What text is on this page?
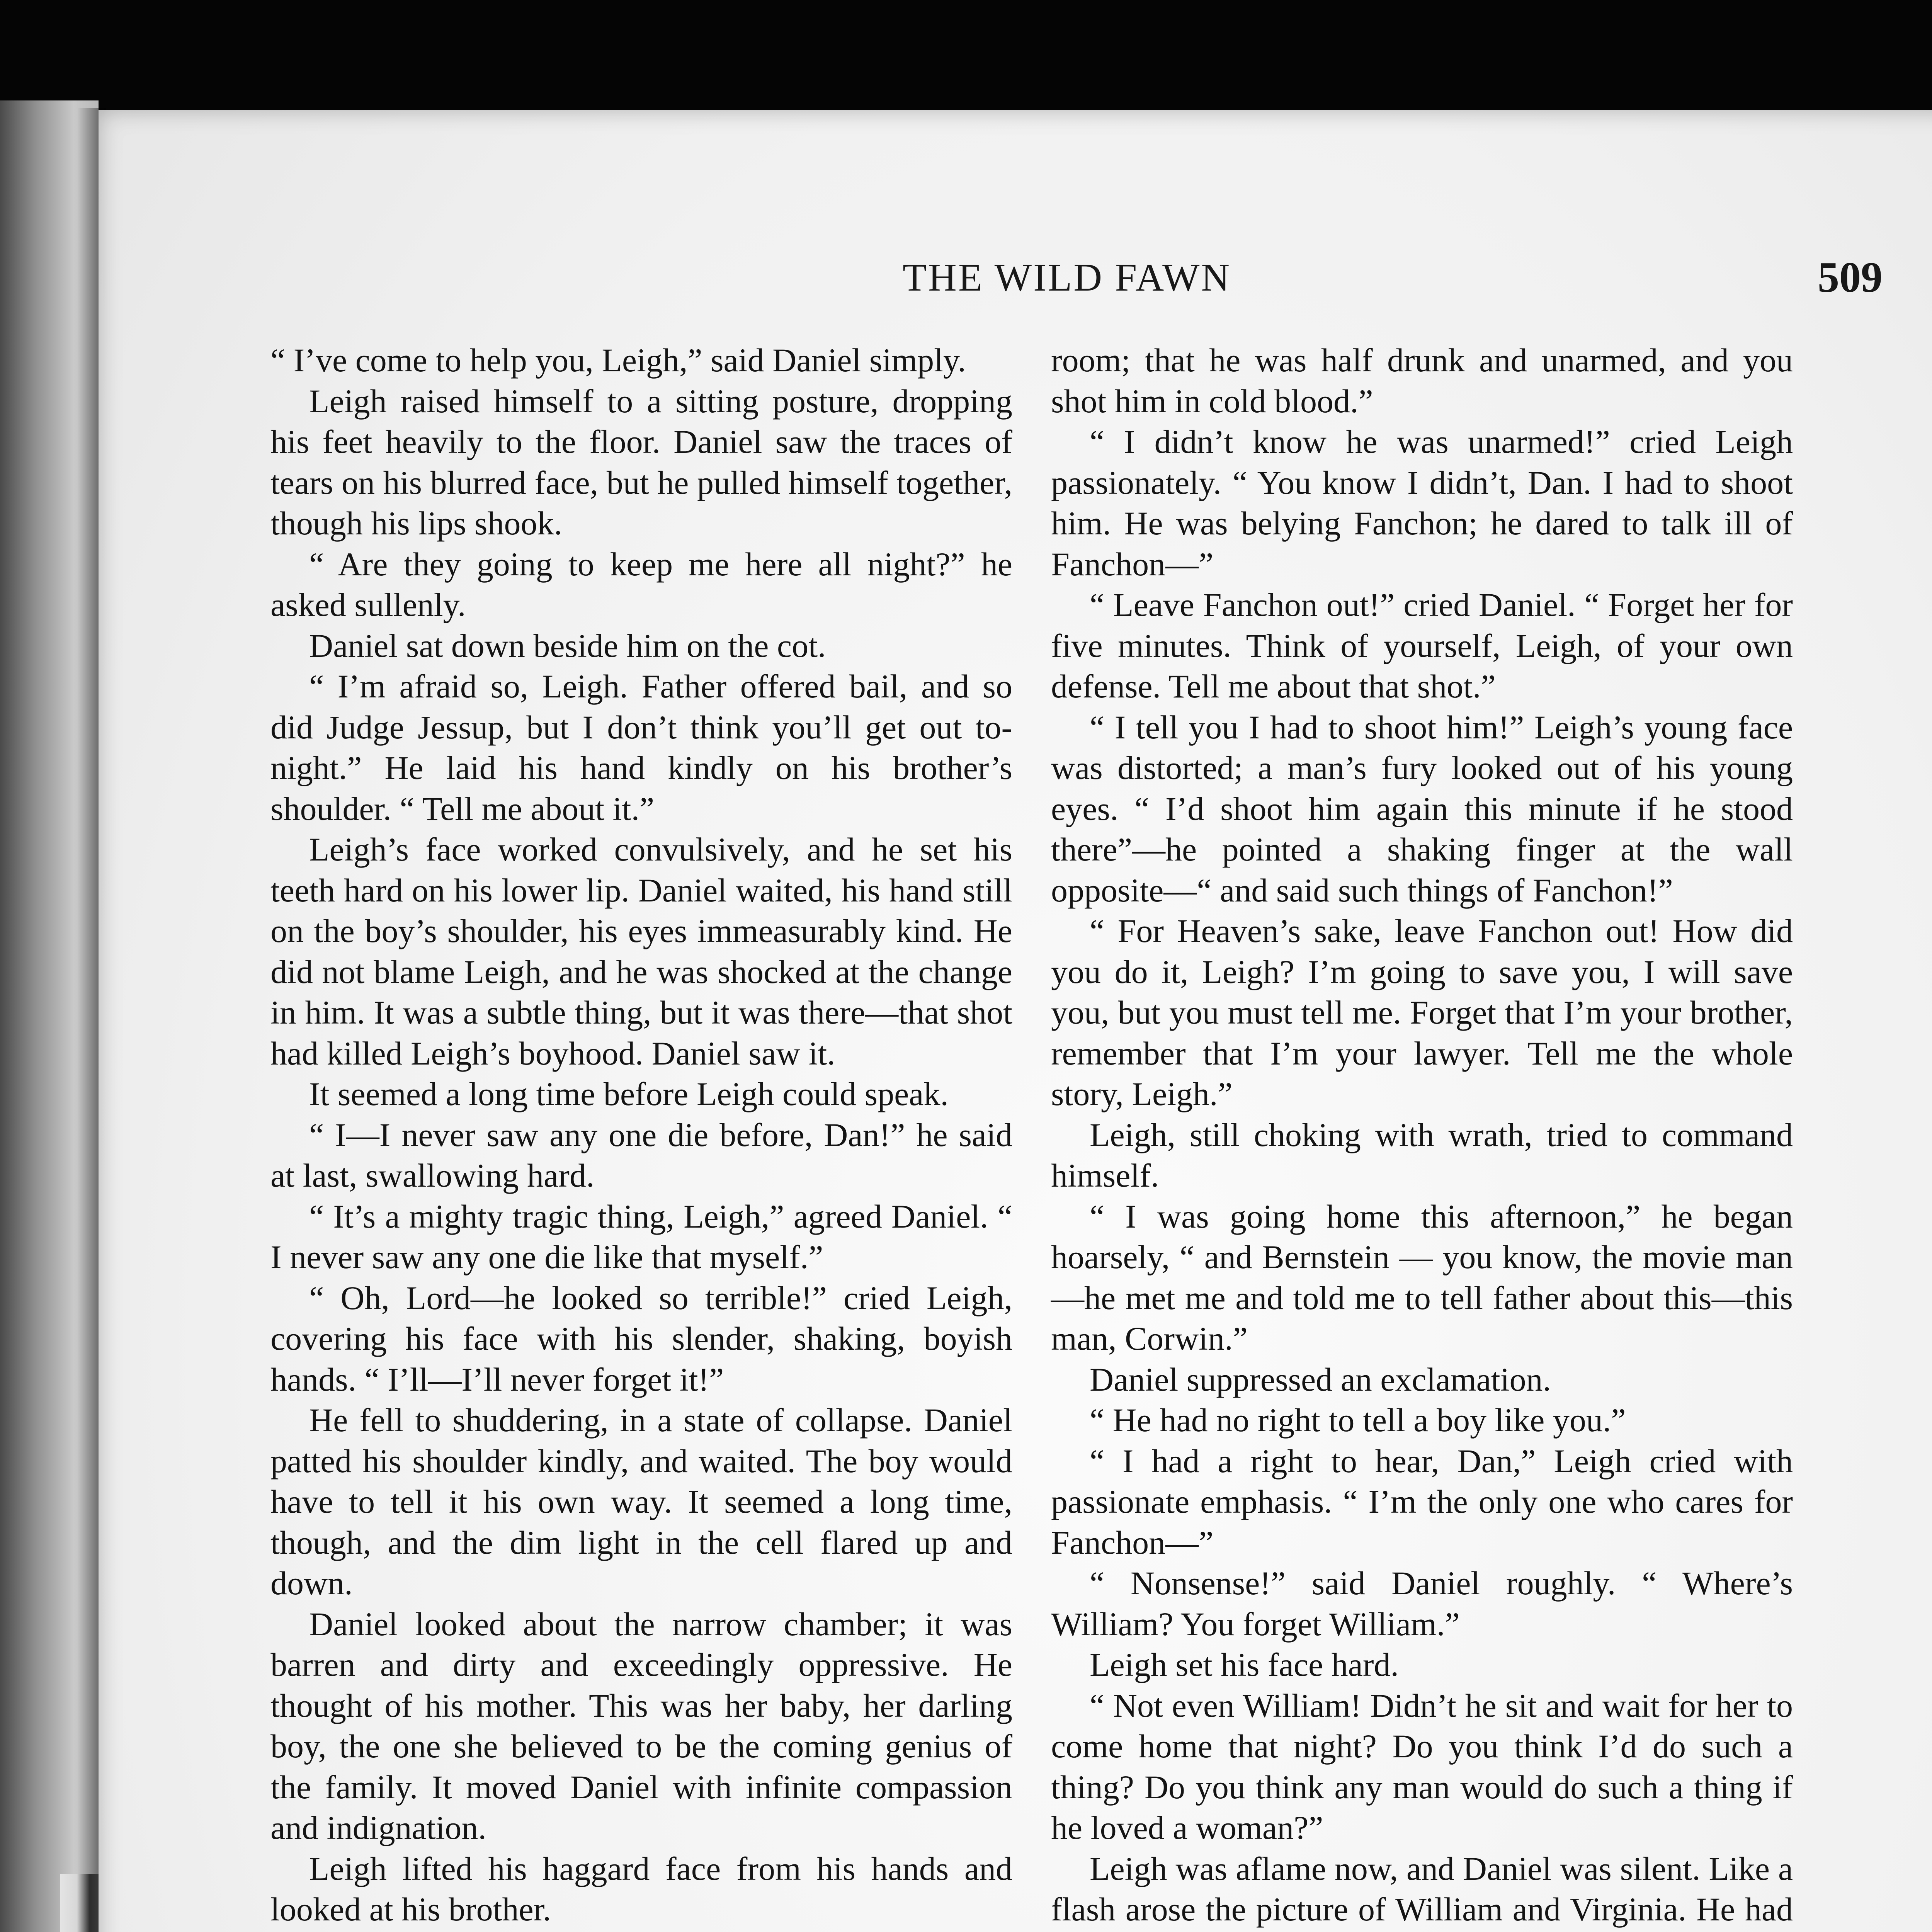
THE WILD FAWN	509

“ I’ve come to help you, Leigh,” said Daniel simply.

Leigh raised himself to a sitting posture, dropping his feet heavily to the floor. Daniel saw the traces of tears on his blurred face, but he pulled himself together, though his lips shook.

“ Are they going to keep me here all night?” he asked sullenly.

Daniel sat down beside him on the cot.

“ I’m afraid so, Leigh. Father offered bail, and so did Judge Jessup, but I don’t think you’ll get out to-night.” He laid his hand kindly on his brother’s shoulder. “ Tell me about it.”

Leigh’s face worked convulsively, and he set his teeth hard on his lower lip. Daniel waited, his hand still on the boy’s shoulder, his eyes immeasurably kind. He did not blame Leigh, and he was shocked at the change in him. It was a subtle thing, but it was there—that shot had killed Leigh’s boyhood. Daniel saw it.

It seemed a long time before Leigh could speak.

“ I—I never saw any one die before, Dan!” he said at last, swallowing hard.

“ It’s a mighty tragic thing, Leigh,” agreed Daniel. “ I never saw any one die like that myself.”

“ Oh, Lord—he looked so terrible!” cried Leigh, covering his face with his slender, shaking, boyish hands. “ I’ll—I’ll never forget it!”

He fell to shuddering, in a state of collapse. Daniel patted his shoulder kindly, and waited. The boy would have to tell it his own way. It seemed a long time, though, and the dim light in the cell flared up and down.

Daniel looked about the narrow chamber; it was barren and dirty and exceedingly oppressive. He thought of his mother. This was her baby, her darling boy, the one she believed to be the coming genius of the family. It moved Daniel with infinite compassion and indignation.

Leigh lifted his haggard face from his hands and looked at his brother.

room; that he was half drunk and unarmed, and you shot him in cold blood.”

“ I didn’t know he was unarmed!” cried Leigh passionately. “ You know I didn’t, Dan. I had to shoot him. He was belying Fanchon; he dared to talk ill of Fanchon—”

“ Leave Fanchon out!” cried Daniel. “ Forget her for five minutes. Think of yourself, Leigh, of your own defense. Tell me about that shot.”

“ I tell you I had to shoot him!” Leigh’s young face was distorted; a man’s fury looked out of his young eyes. “ I’d shoot him again this minute if he stood there”—he pointed a shaking finger at the wall opposite—“ and said such things of Fanchon!”

“ For Heaven’s sake, leave Fanchon out! How did you do it, Leigh? I’m going to save you, I will save you, but you must tell me. Forget that I’m your brother, remember that I’m your lawyer. Tell me the whole story, Leigh.”

Leigh, still choking with wrath, tried to command himself.

“ I was going home this afternoon,” he began hoarsely, “ and Bernstein — you know, the movie man—he met me and told me to tell father about this—this man, Corwin.”

Daniel suppressed an exclamation.

“ He had no right to tell a boy like you.”

“ I had a right to hear, Dan,” Leigh cried with passionate emphasis. “ I’m the only one who cares for Fanchon—”

“ Nonsense!” said Daniel roughly. “ Where’s William? You forget William.”

Leigh set his face hard.

“ Not even William! Didn’t he sit and wait for her to come home that night? Do you think I’d do such a thing? Do you think any man would do such a thing if he loved a woman?”

Leigh was aflame now, and Daniel was silent. Like a flash arose the picture of William and Virginia. He had
